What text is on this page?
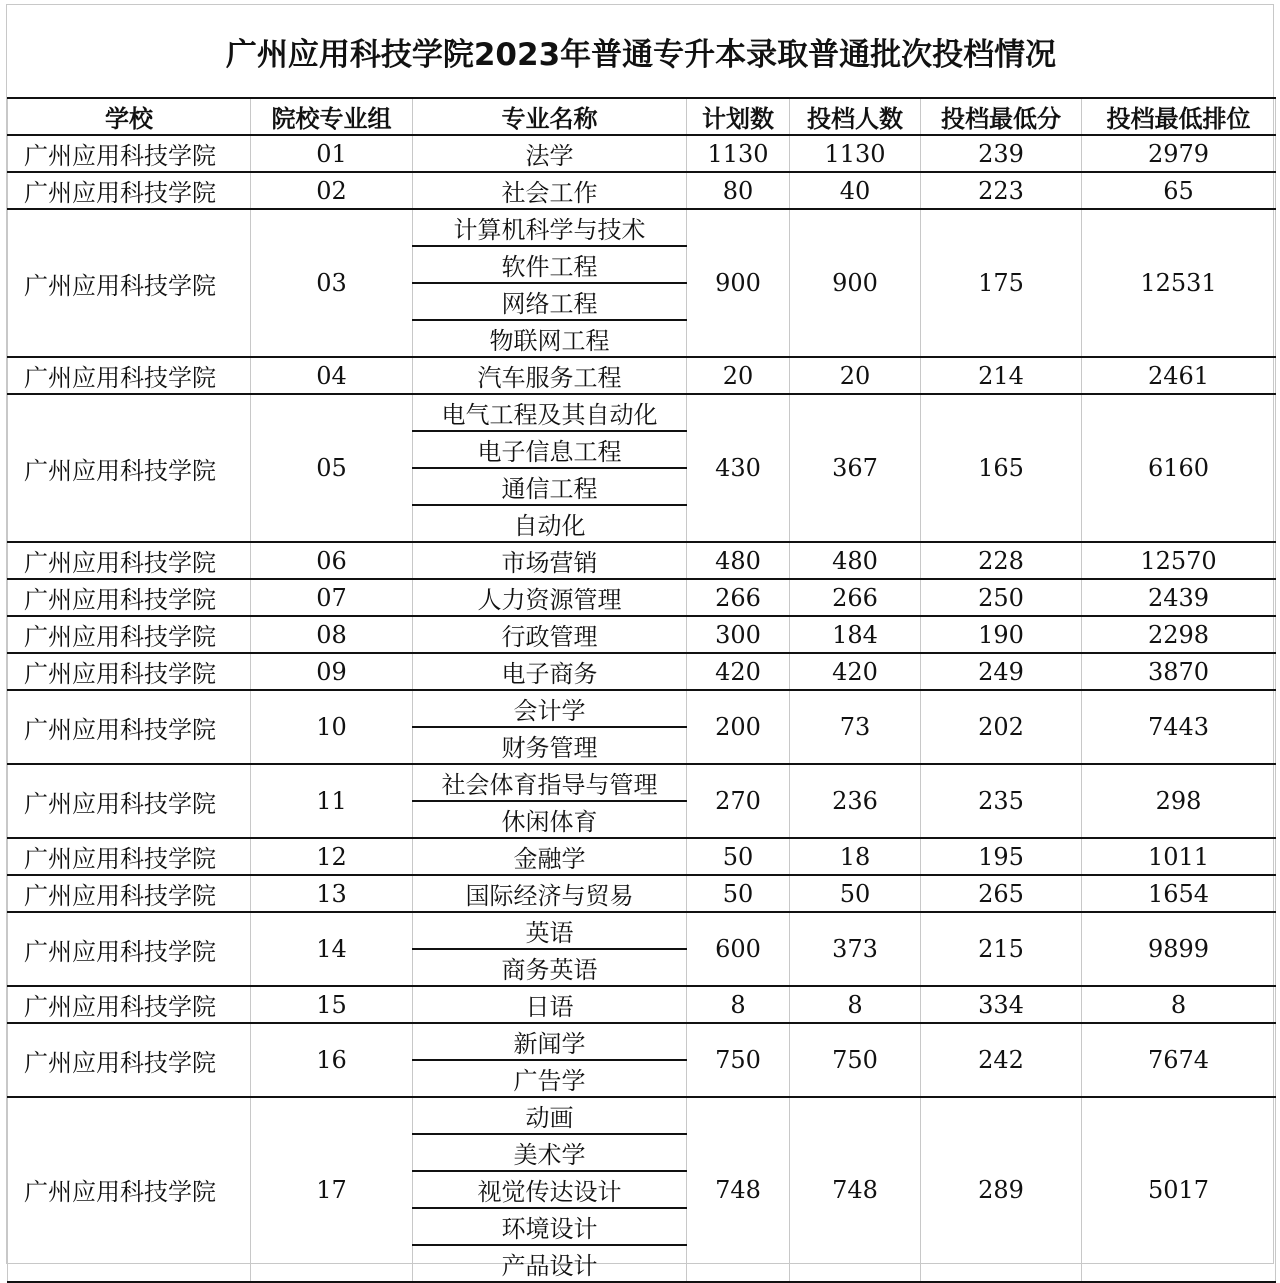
广州应用科技学院2023年普通专升本录取普通批次投档情况
学校	院校专业组	专业名称	计划数	投档人数	投档最低分	投档最低排位
广州应用科技学院	01	法学	1130	1130	239	2979
广州应用科技学院	02	社会工作	80	40	223	65
广州应用科技学院	03	计算机科学与技术	900	900	175	12531
		软件工程				
		网络工程				
		物联网工程				
广州应用科技学院	04	汽车服务工程	20	20	214	2461
广州应用科技学院	05	电气工程及其自动化	430	367	165	6160
		电子信息工程				
		通信工程				
		自动化				
广州应用科技学院	06	市场营销	480	480	228	12570
广州应用科技学院	07	人力资源管理	266	266	250	2439
广州应用科技学院	08	行政管理	300	184	190	2298
广州应用科技学院	09	电子商务	420	420	249	3870
广州应用科技学院	10	会计学	200	73	202	7443
		财务管理				
广州应用科技学院	11	社会体育指导与管理	270	236	235	298
		休闲体育				
广州应用科技学院	12	金融学	50	18	195	1011
广州应用科技学院	13	国际经济与贸易	50	50	265	1654
广州应用科技学院	14	英语	600	373	215	9899
		商务英语				
广州应用科技学院	15	日语	8	8	334	8
广州应用科技学院	16	新闻学	750	750	242	7674
		广告学				
广州应用科技学院	17	动画	748	748	289	5017
		美术学				
		视觉传达设计				
		环境设计				
		产品设计				
